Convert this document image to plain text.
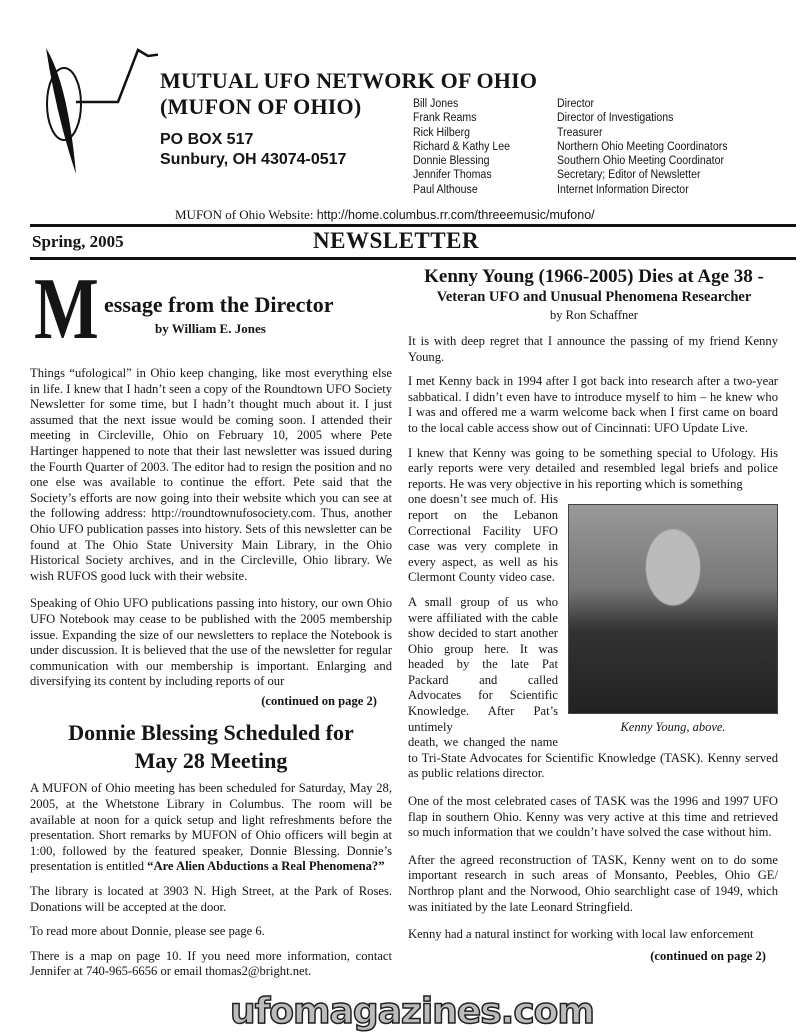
MUTUAL UFO NETWORK OF OHIO
(MUFON OF OHIO)
PO BOX 517
Sunbury, OH 43074-0517
Bill Jones
Frank Reams
Rick Hilberg
Richard & Kathy Lee
Donnie Blessing
Jennifer Thomas
Paul Althouse
Director
Director of Investigations
Treasurer
Northern Ohio Meeting Coordinators
Southern Ohio Meeting Coordinator
Secretary; Editor of Newsletter
Internet Information Director
MUFON of Ohio Website: http://home.columbus.rr.com/threeemusic/mufono/
Spring, 2005	NEWSLETTER
M essage from the Director
by William E. Jones

Things “ufological” in Ohio keep changing, like most everything else in life. I knew that I hadn’t seen a copy of the Roundtown UFO Society Newsletter for some time, but I hadn’t thought much about it. I just assumed that the next issue would be coming soon. I attended their meeting in Circleville, Ohio on February 10, 2005 where Pete Hartinger happened to note that their last newsletter was issued during the Fourth Quarter of 2003. The editor had to resign the position and no one else was available to continue the effort. Pete said that the Society’s efforts are now going into their website which you can see at the following address: http://roundtownufosociety.com. Thus, another Ohio UFO publication passes into history. Sets of this newsletter can be found at The Ohio State University Main Library, in the Ohio Historical Society archives, and in the Circleville, Ohio library. We wish RUFOS good luck with their website.

Speaking of Ohio UFO publications passing into history, our own Ohio UFO Notebook may cease to be published with the 2005 membership issue. Expanding the size of our newsletters to replace the Notebook is under discussion. It is believed that the use of the newsletter for regular communication with our membership is important. Enlarging and diversifying its content by including reports of our

(continued on page 2)
Donnie Blessing Scheduled for
May 28 Meeting

A MUFON of Ohio meeting has been scheduled for Saturday, May 28, 2005, at the Whetstone Library in Columbus. The room will be available at noon for a quick setup and light refreshments before the presentation. Short remarks by MUFON of Ohio officers will begin at 1:00, followed by the featured speaker, Donnie Blessing. Donnie’s presentation is entitled “Are Alien Abductions a Real Phenomena?”

The library is located at 3903 N. High Street, at the Park of Roses. Donations will be accepted at the door.

To read more about Donnie, please see page 6.

There is a map on page 10. If you need more information, contact Jennifer at 740-965-6656 or email thomas2@bright.net.

Kenny Young (1966-2005) Dies at Age 38 -
Veteran UFO and Unusual Phenomena Researcher
by Ron Schaffner

It is with deep regret that I announce the passing of my friend Kenny Young.

I met Kenny back in 1994 after I got back into research after a two-year sabbatical. I didn’t even have to introduce myself to him – he knew who I was and offered me a warm welcome back when I first came on board to the local cable access show out of Cincinnati: UFO Update Live.

I knew that Kenny was going to be something special to Ufology. His early reports were very detailed and resembled legal briefs and police reports. He was very objective in his reporting which is something

Kenny Young, above.

one doesn’t see much of. His report on the Lebanon Correctional Facility UFO case was very complete in every aspect, as well as his Clermont County video case.

A small group of us who were affiliated with the cable show decided to start another Ohio group here. It was headed by the late Pat Packard and called Advocates for Scientific Knowledge. After Pat’s untimely

death, we changed the name to Tri-State Advocates for Scientific Knowledge (TASK). Kenny served as public relations director.

One of the most celebrated cases of TASK was the 1996 and 1997 UFO flap in southern Ohio. Kenny was very active at this time and retrieved so much information that we couldn’t have solved the case without him.

After the agreed reconstruction of TASK, Kenny went on to do some important research in such areas of Monsanto, Peebles, Ohio GE/ Northrop plant and the Norwood, Ohio searchlight case of 1949, which was initiated by the late Leonard Stringfield.

Kenny had a natural instinct for working with local law enforcement

(continued on page 2)
ufomagazines.com
